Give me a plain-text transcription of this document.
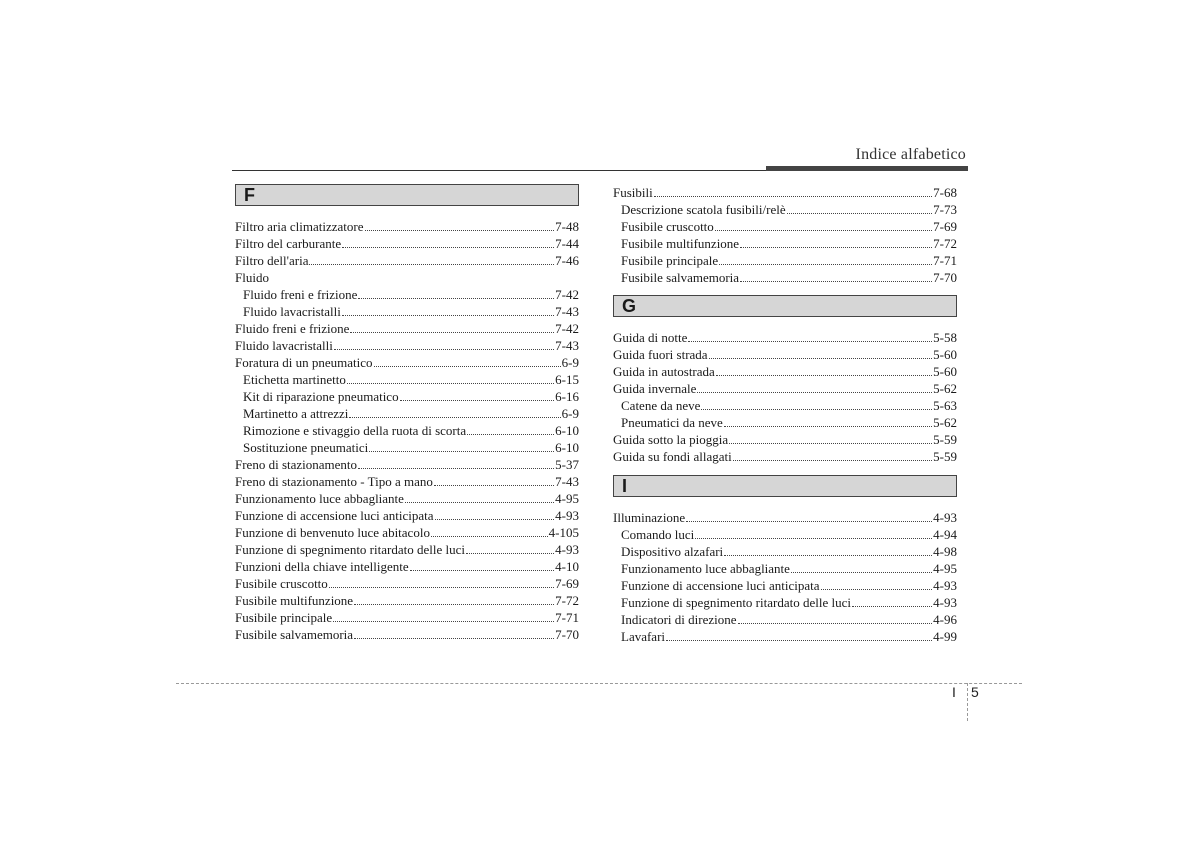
Indice alfabetico
F
Filtro aria climatizzatore	7-48
Filtro del carburante	7-44
Filtro dell'aria	7-46
Fluido
Fluido freni e frizione	7-42
Fluido lavacristalli	7-43
Fluido freni e frizione	7-42
Fluido lavacristalli	7-43
Foratura di un pneumatico	6-9
Etichetta martinetto	6-15
Kit di riparazione pneumatico	6-16
Martinetto a attrezzi	6-9
Rimozione e stivaggio della ruota di scorta	6-10
Sostituzione pneumatici	6-10
Freno di stazionamento	5-37
Freno di stazionamento - Tipo a mano	7-43
Funzionamento luce abbagliante	4-95
Funzione di accensione luci anticipata	4-93
Funzione di benvenuto luce abitacolo	4-105
Funzione di spegnimento ritardato delle luci	4-93
Funzioni della chiave intelligente	4-10
Fusibile cruscotto	7-69
Fusibile multifunzione	7-72
Fusibile principale	7-71
Fusibile salvamemoria	7-70
Fusibili	7-68
Descrizione scatola fusibili/relè	7-73
Fusibile cruscotto	7-69
Fusibile multifunzione	7-72
Fusibile principale	7-71
Fusibile salvamemoria	7-70
G
Guida di notte	5-58
Guida fuori strada	5-60
Guida in autostrada	5-60
Guida invernale	5-62
Catene da neve	5-63
Pneumatici da neve	5-62
Guida sotto la pioggia	5-59
Guida su fondi allagati	5-59
I
Illuminazione	4-93
Comando luci	4-94
Dispositivo alzafari	4-98
Funzionamento luce abbagliante	4-95
Funzione di accensione luci anticipata	4-93
Funzione di spegnimento ritardato delle luci	4-93
Indicatori di direzione	4-96
Lavafari	4-99
I 5
